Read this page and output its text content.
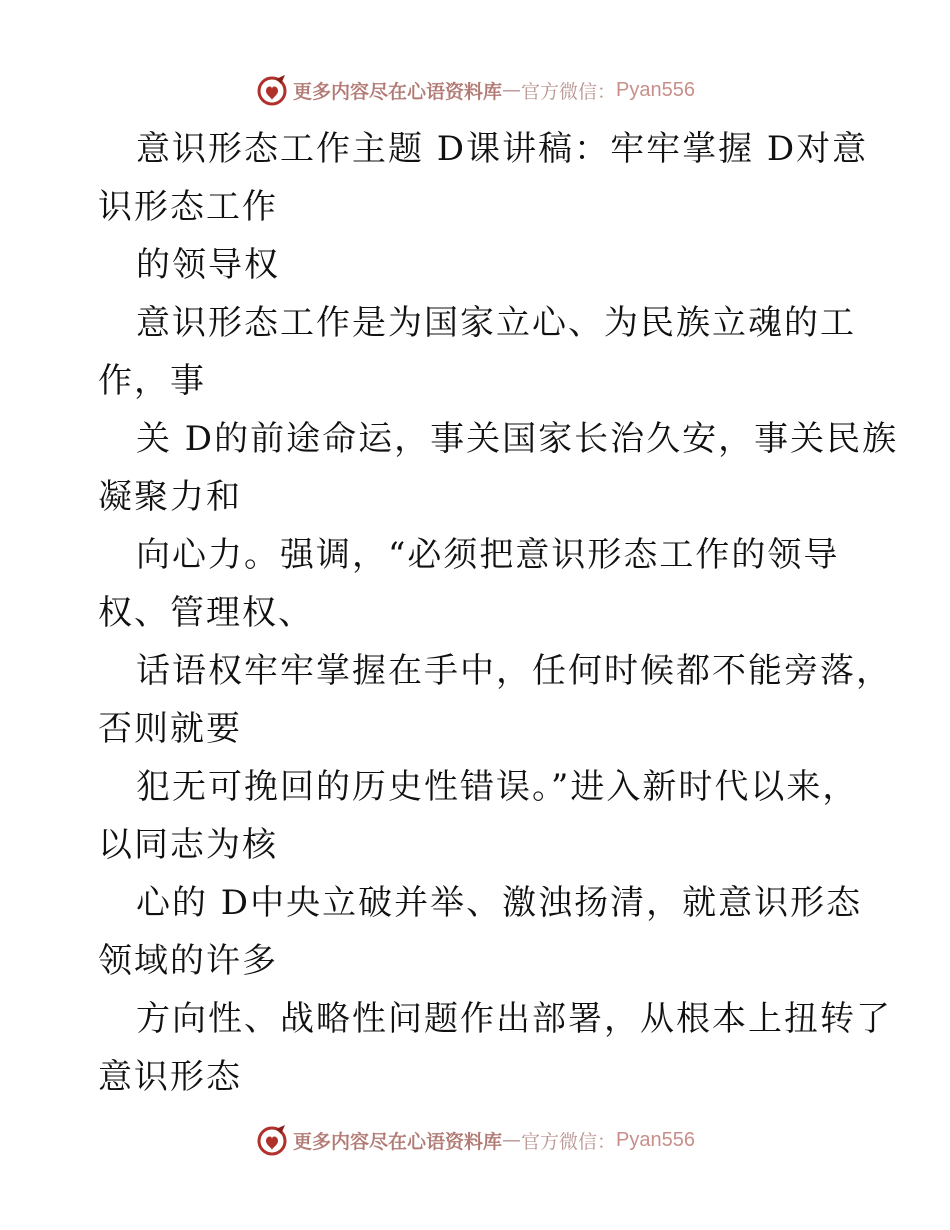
更多内容尽在心语资料库 — 官方微信： Pyan556
意识形态工作主题 D课讲稿：牢牢掌握 D对意
识形态工作
的领导权
意识形态工作是为国家立心、为民族立魂的工
作，事
关 D的前途命运，事关国家长治久安，事关民族
凝聚力和
向心力。强调，“必须把意识形态工作的领导
权、管理权、
话语权牢牢掌握在手中，任何时候都不能旁落，
否则就要
犯无可挽回的历史性错误。”进入新时代以来，
以同志为核
心的 D中央立破并举、激浊扬清，就意识形态
领域的许多
方向性、战略性问题作出部署，从根本上扭转了
意识形态
更多内容尽在心语资料库 — 官方微信： Pyan556
